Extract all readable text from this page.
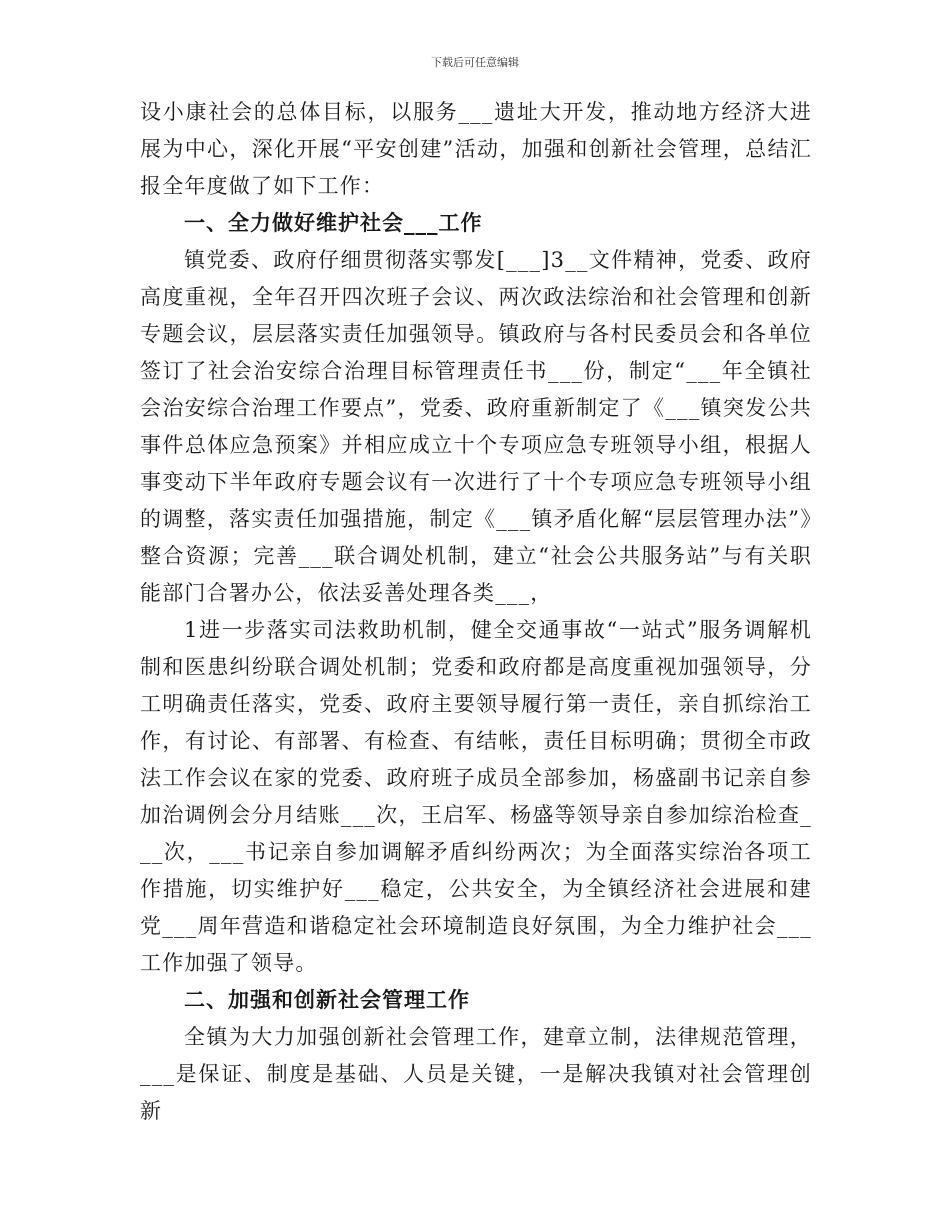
下载后可任意编辑

设小康社会的总体目标，以服务___遗址大开发，推动地方经济大进展为中心，深化开展“平安创建”活动，加强和创新社会管理，总结汇报全年度做了如下工作：

一、全力做好维护社会___工作

镇党委、政府仔细贯彻落实鄠发[___]3__文件精神，党委、政府高度重视，全年召开四次班子会议、两次政法综治和社会管理和创新专题会议，层层落实责任加强领导。镇政府与各村民委员会和各单位签订了社会治安综合治理目标管理责任书___份，制定“___年全镇社会治安综合治理工作要点”，党委、政府重新制定了《___镇突发公共事件总体应急预案》并相应成立十个专项应急专班领导小组，根据人事变动下半年政府专题会议有一次进行了十个专项应急专班领导小组的调整，落实责任加强措施，制定《___镇矛盾化解“层层管理办法”》整合资源；完善___联合调处机制，建立“社会公共服务站”与有关职能部门合署办公，依法妥善处理各类___，

1进一步落实司法救助机制，健全交通事故“一站式”服务调解机制和医患纠纷联合调处机制；党委和政府都是高度重视加强领导，分工明确责任落实，党委、政府主要领导履行第一责任，亲自抓综治工作，有讨论、有部署、有检查、有结帐，责任目标明确；贯彻全市政法工作会议在家的党委、政府班子成员全部参加，杨盛副书记亲自参加治调例会分月结账___次，王启军、杨盛等领导亲自参加综治检查___次，___书记亲自参加调解矛盾纠纷两次；为全面落实综治各项工作措施，切实维护好___稳定，公共安全，为全镇经济社会进展和建党___周年营造和谐稳定社会环境制造良好氛围，为全力维护社会___工作加强了领导。

二、加强和创新社会管理工作

全镇为大力加强创新社会管理工作，建章立制，法律规范管理，___是保证、制度是基础、人员是关键，一是解决我镇对社会管理创新
